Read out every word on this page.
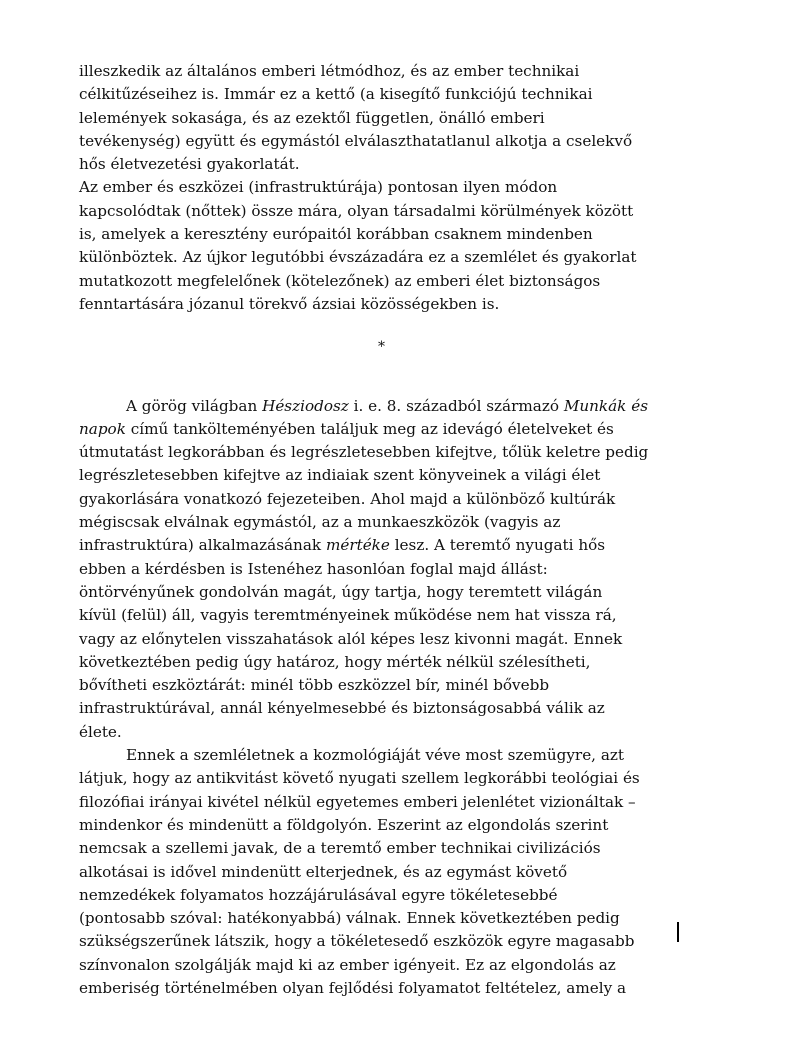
illeszkedik az általános emberi létmódhoz, és az ember technikai
célkitűzéseihez is. Immár ez a kettő (a kisegítő funkciójú technikai
lelemények sokasága, és az ezektől független, önálló emberi
tevékenység) együtt és egymástól elválaszthatatlanul alkotja a cselekvő
hős életvezetési gyakorlatát.
Az ember és eszközei (infrastruktúrája) pontosan ilyen módon
kapcsolódtak (nőttek) össze mára, olyan társadalmi körülmények között
is, amelyek a keresztény európaitól korábban csaknem mindenben
különböztek. Az újkor legutóbbi évszázadára ez a szemlélet és gyakorlat
mutatkozott megfelelőnek (kötelezőnek) az emberi élet biztonságos
fenntartására józanul törekvő ázsiai közösségekben is.

*

A görög világban Hésziodosz i. e. 8. századból származó Munkák és
napok című tankölteményében találjuk meg az idevágó életelveket és
útmutatást legkorábban és legrészletesebben kifejtve, tőlük keletre pedig
legrészletesebben kifejtve az indiaiak szent könyveinek a világi élet
gyakorlására vonatkozó fejezeteiben. Ahol majd a különböző kultúrák
mégiscsak elválnak egymástól, az a munkaeszközök (vagyis az
infrastruktúra) alkalmazásának mértéke lesz. A teremtő nyugati hős
ebben a kérdésben is Istenéhez hasonlóan foglal majd állást:
öntörvényűnek gondolván magát, úgy tartja, hogy teremtett világán
kívül (felül) áll, vagyis teremtményeinek működése nem hat vissza rá,
vagy az előnytelen visszahatások alól képes lesz kivonni magát. Ennek
következtében pedig úgy határoz, hogy mérték nélkül szélesítheti,
bővítheti eszköztárát: minél több eszközzel bír, minél bővebb
infrastruktúrával, annál kényelmesebbé és biztonságosabbá válik az
élete.

Ennek a szemléletnek a kozmológiáját véve most szemügyre, azt
látjuk, hogy az antikvitást követő nyugati szellem legkorábbi teológiai és
filozófiai irányai kivétel nélkül egyetemes emberi jelenlétet vizionáltak –
mindenkor és mindenütt a földgolyón. Eszerint az elgondolás szerint
nemcsak a szellemi javak, de a teremtő ember technikai civilizációs
alkotásai is idővel mindenütt elterjednek, és az egymást követő
nemzedékek folyamatos hozzájárulásával egyre tökéletesebbé
(pontosabb szóval: hatékonyabbá) válnak. Ennek következtében pedig
szükségszerűnek látszik, hogy a tökéletesedő eszközök egyre magasabb
színvonalon szolgálják majd ki az ember igényeit. Ez az elgondolás az
emberiség történelmében olyan fejlődési folyamatot feltételez, amely a
